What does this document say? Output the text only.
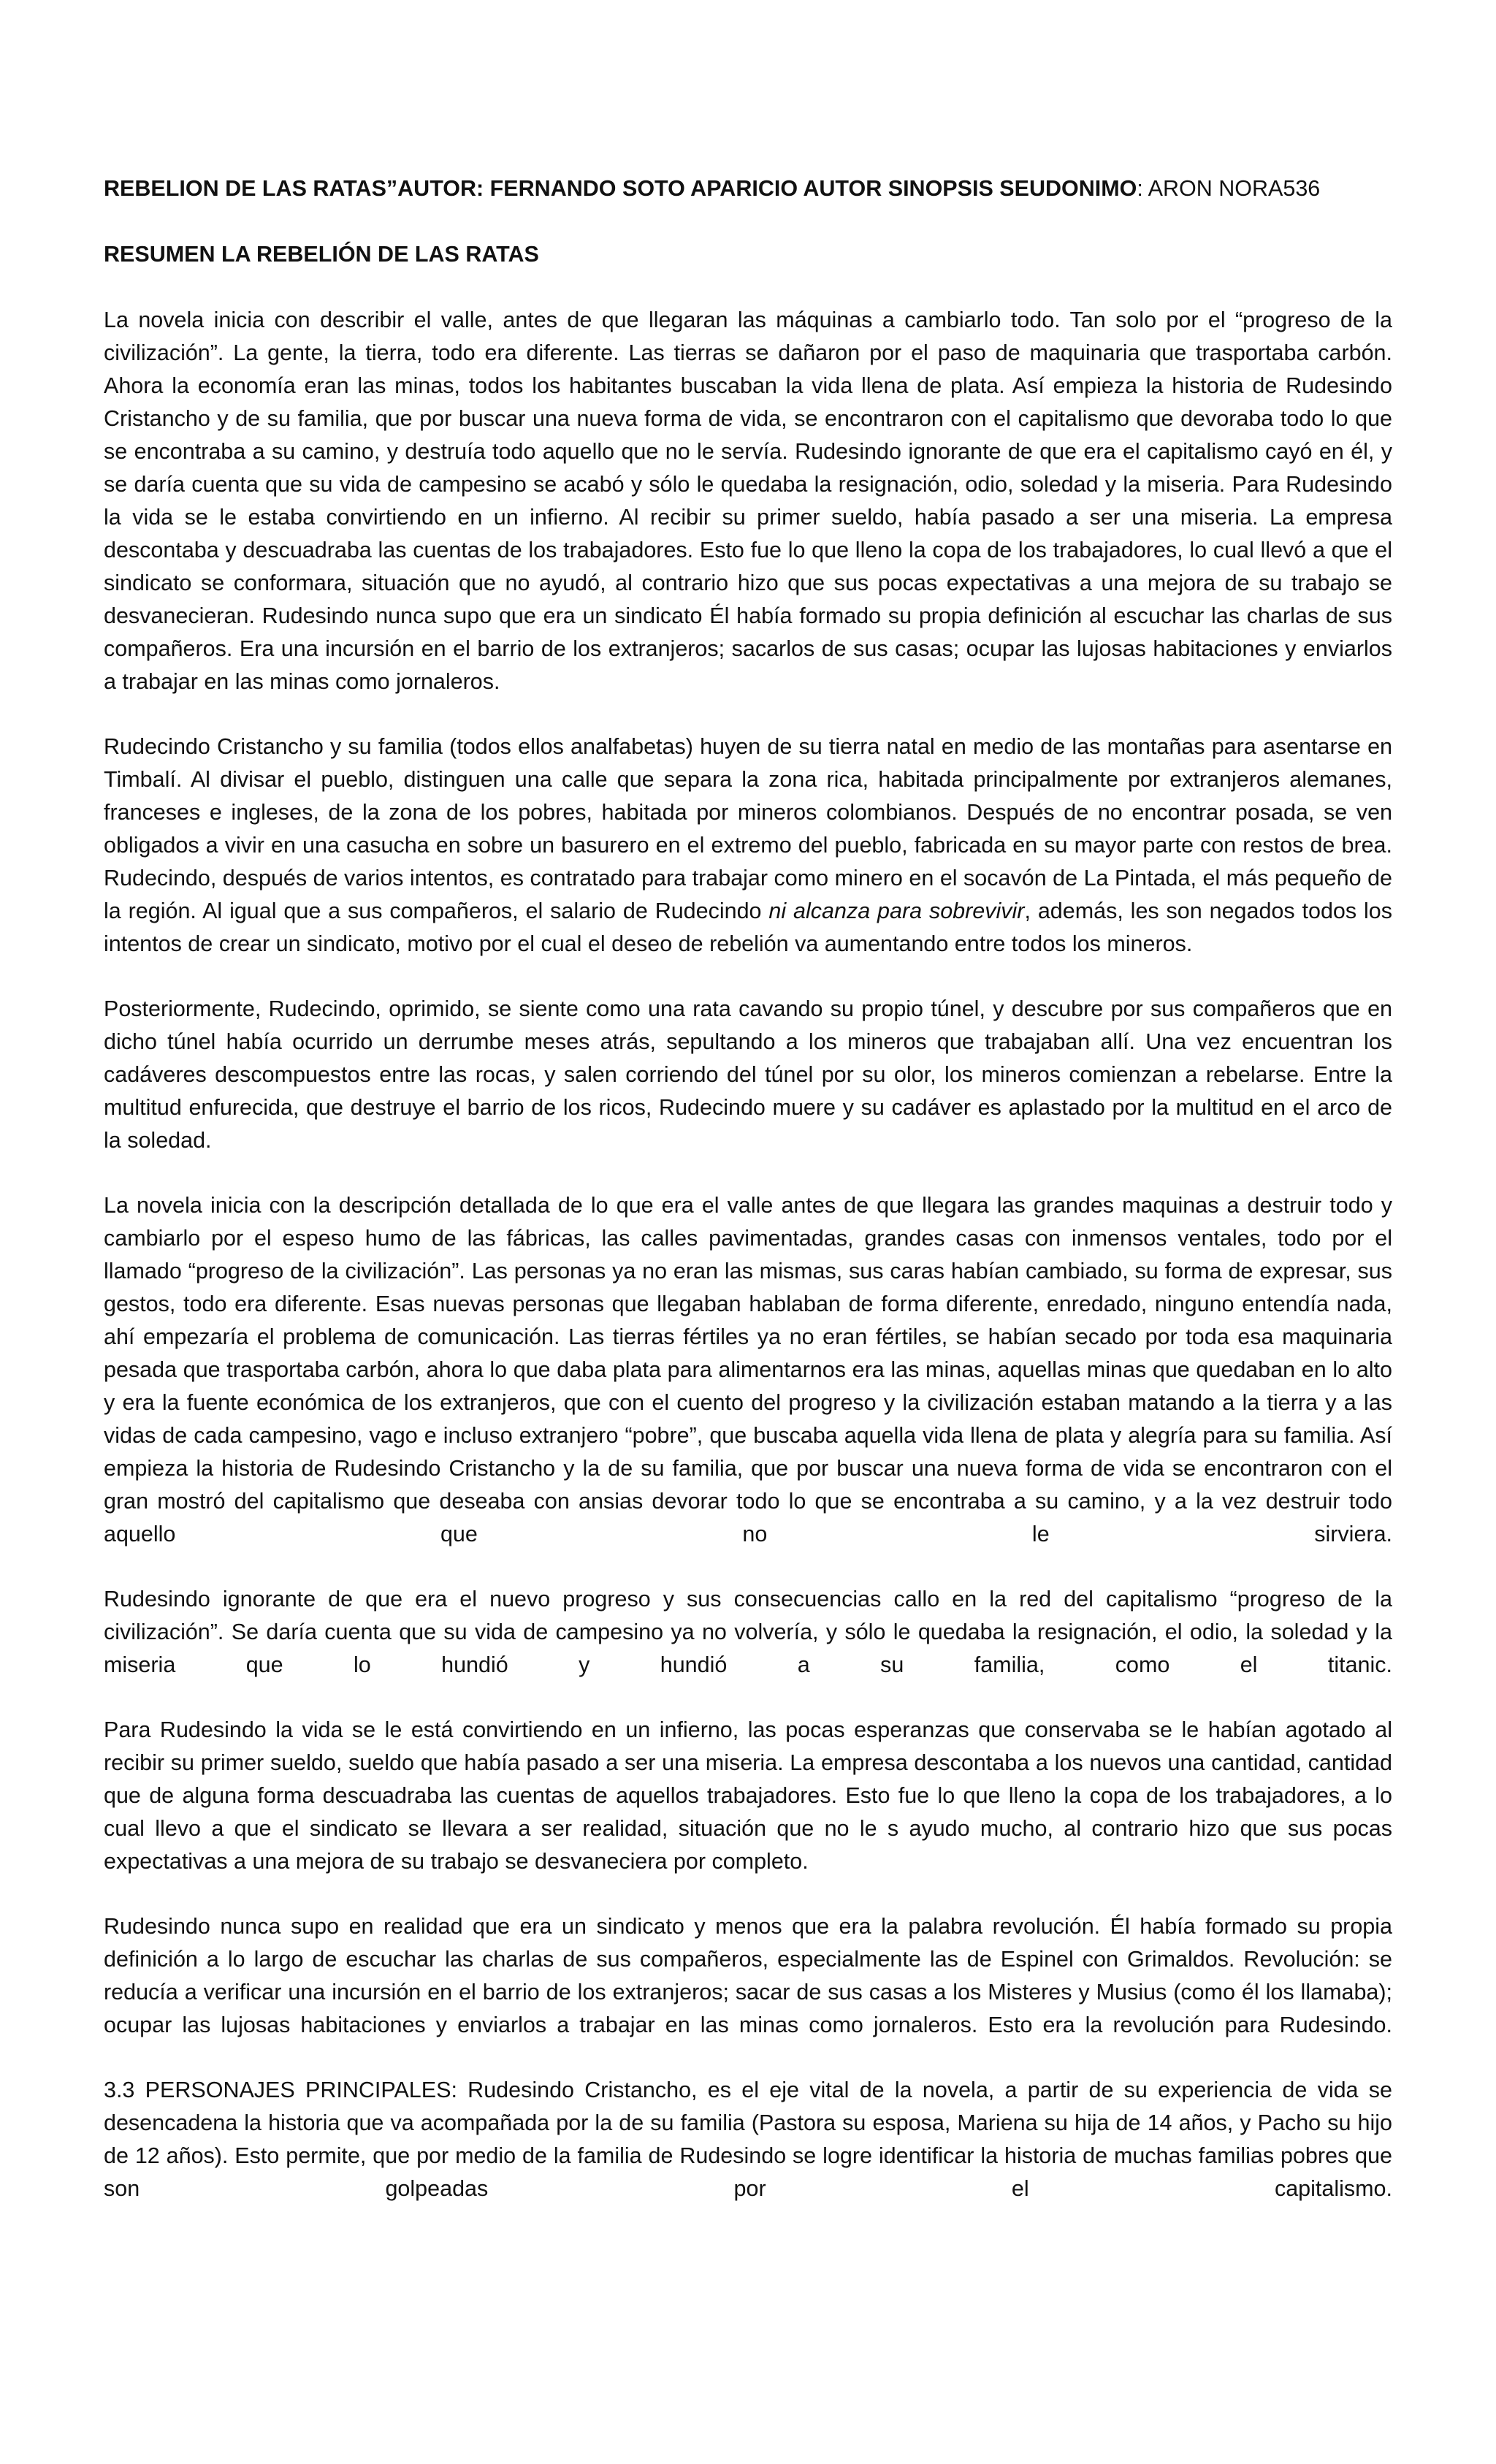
REBELION DE LAS RATAS”AUTOR: FERNANDO SOTO APARICIO AUTOR SINOPSIS SEUDONIMO: ARON NORA536

RESUMEN LA REBELIÓN DE LAS RATAS

La novela inicia con describir el valle, antes de que llegaran las máquinas a cambiarlo todo. Tan solo por el “progreso de la civilización”. La gente, la tierra, todo era diferente. Las tierras se dañaron por el paso de maquinaria que trasportaba carbón. Ahora la economía eran las minas, todos los habitantes buscaban la vida llena de plata. Así empieza la historia de Rudesindo Cristancho y de su familia, que por buscar una nueva forma de vida, se encontraron con el capitalismo que devoraba todo lo que se encontraba a su camino, y destruía todo aquello que no le servía. Rudesindo ignorante de que era el capitalismo cayó en él, y se daría cuenta que su vida de campesino se acabó y sólo le quedaba la resignación, odio, soledad y la miseria. Para Rudesindo la vida se le estaba convirtiendo en un infierno. Al recibir su primer sueldo, había pasado a ser una miseria. La empresa descontaba y descuadraba las cuentas de los trabajadores. Esto fue lo que lleno la copa de los trabajadores, lo cual llevó a que el sindicato se conformara, situación que no ayudó, al contrario hizo que sus pocas expectativas a una mejora de su trabajo se desvanecieran. Rudesindo nunca supo que era un sindicato Él había formado su propia definición al escuchar las charlas de sus compañeros. Era una incursión en el barrio de los extranjeros; sacarlos de sus casas; ocupar las lujosas habitaciones y enviarlos a trabajar en las minas como jornaleros.

Rudecindo Cristancho y su familia (todos ellos analfabetas) huyen de su tierra natal en medio de las montañas para asentarse en Timbalí. Al divisar el pueblo, distinguen una calle que separa la zona rica, habitada principalmente por extranjeros alemanes, franceses e ingleses, de la zona de los pobres, habitada por mineros colombianos. Después de no encontrar posada, se ven obligados a vivir en una casucha en sobre un basurero en el extremo del pueblo, fabricada en su mayor parte con restos de brea. Rudecindo, después de varios intentos, es contratado para trabajar como minero en el socavón de La Pintada, el más pequeño de la región. Al igual que a sus compañeros, el salario de Rudecindo ni alcanza para sobrevivir, además, les son negados todos los intentos de crear un sindicato, motivo por el cual el deseo de rebelión va aumentando entre todos los mineros.

Posteriormente, Rudecindo, oprimido, se siente como una rata cavando su propio túnel, y descubre por sus compañeros que en dicho túnel había ocurrido un derrumbe meses atrás, sepultando a los mineros que trabajaban allí. Una vez encuentran los cadáveres descompuestos entre las rocas, y salen corriendo del túnel por su olor, los mineros comienzan a rebelarse. Entre la multitud enfurecida, que destruye el barrio de los ricos, Rudecindo muere y su cadáver es aplastado por la multitud en el arco de la soledad.

La novela inicia con la descripción detallada de lo que era el valle antes de que llegara las grandes maquinas a destruir todo y cambiarlo por el espeso humo de las fábricas, las calles pavimentadas, grandes casas con inmensos ventales, todo por el llamado “progreso de la civilización”. Las personas ya no eran las mismas, sus caras habían cambiado, su forma de expresar, sus gestos, todo era diferente. Esas nuevas personas que llegaban hablaban de forma diferente, enredado, ninguno entendía nada, ahí empezaría el problema de comunicación. Las tierras fértiles ya no eran fértiles, se habían secado por toda esa maquinaria pesada que trasportaba carbón, ahora lo que daba plata para alimentarnos era las minas, aquellas minas que quedaban en lo alto y era la fuente económica de los extranjeros, que con el cuento del progreso y la civilización estaban matando a la tierra y a las vidas de cada campesino, vago e incluso extranjero “pobre”, que buscaba aquella vida llena de plata y alegría para su familia. Así empieza la historia de Rudesindo Cristancho y la de su familia, que por buscar una nueva forma de vida se encontraron con el gran mostró del capitalismo que deseaba con ansias devorar todo lo que se encontraba a su camino, y a la vez destruir todo aquello que no le sirviera.

Rudesindo ignorante de que era el nuevo progreso y sus consecuencias callo en la red del capitalismo “progreso de la civilización”. Se daría cuenta que su vida de campesino ya no volvería, y sólo le quedaba la resignación, el odio, la soledad y la miseria que lo hundió y hundió a su familia, como el titanic.

Para Rudesindo la vida se le está convirtiendo en un infierno, las pocas esperanzas que conservaba se le habían agotado al recibir su primer sueldo, sueldo que había pasado a ser una miseria. La empresa descontaba a los nuevos una cantidad, cantidad que de alguna forma descuadraba las cuentas de aquellos trabajadores. Esto fue lo que lleno la copa de los trabajadores, a lo cual llevo a que el sindicato se llevara a ser realidad, situación que no le s ayudo mucho, al contrario hizo que sus pocas expectativas a una mejora de su trabajo se desvaneciera por completo.

Rudesindo nunca supo en realidad que era un sindicato y menos que era la palabra revolución. Él había formado su propia definición a lo largo de escuchar las charlas de sus compañeros, especialmente las de Espinel con Grimaldos. Revolución: se reducía a verificar una incursión en el barrio de los extranjeros; sacar de sus casas a los Misteres y Musius (como él los llamaba); ocupar las lujosas habitaciones y enviarlos a trabajar en las minas como jornaleros. Esto era la revolución para Rudesindo.

3.3 PERSONAJES PRINCIPALES: Rudesindo Cristancho, es el eje vital de la novela, a partir de su experiencia de vida se desencadena la historia que va acompañada por la de su familia (Pastora su esposa, Mariena su hija de 14 años, y Pacho su hijo de 12 años). Esto permite, que por medio de la familia de Rudesindo se logre identificar la historia de muchas familias pobres que son golpeadas por el capitalismo.
